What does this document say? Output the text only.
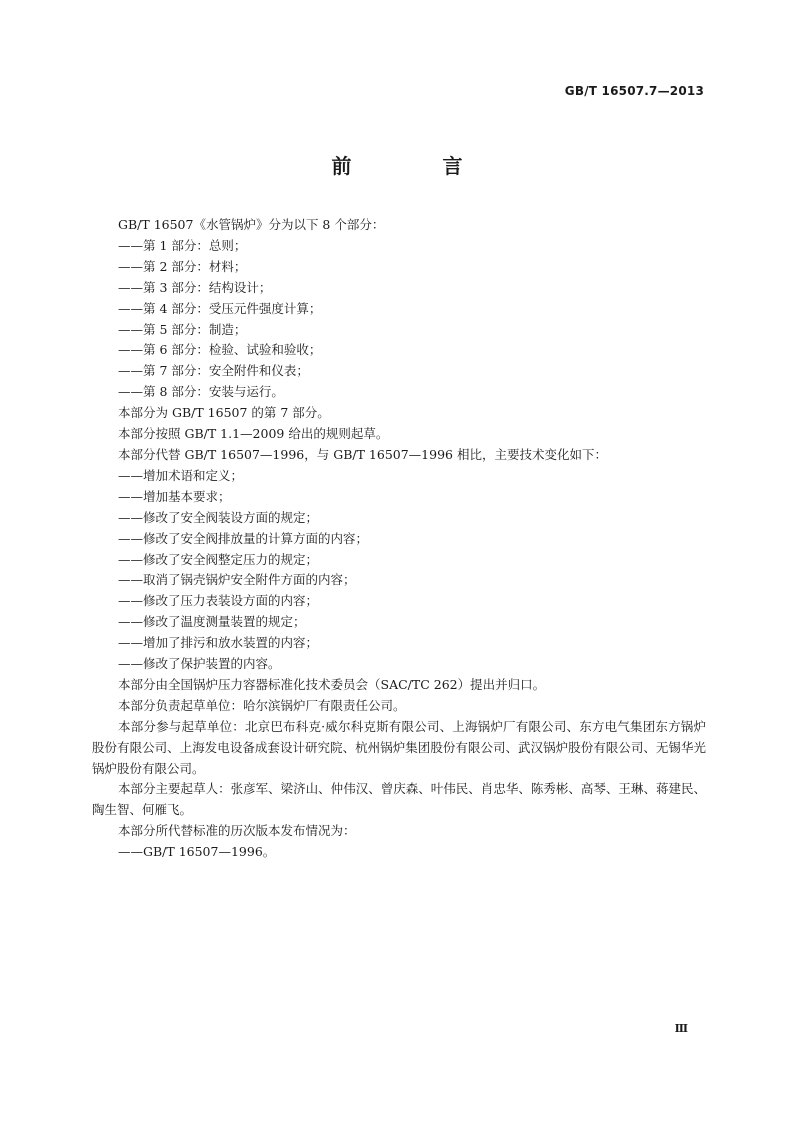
GB/T 16507.7—2013
前 言

GB/T 16507《水管锅炉》分为以下 8 个部分：

——第 1 部分：总则；

——第 2 部分：材料；

——第 3 部分：结构设计；

——第 4 部分：受压元件强度计算；

——第 5 部分：制造；

——第 6 部分：检验、试验和验收；

——第 7 部分：安全附件和仪表；

——第 8 部分：安装与运行。

本部分为 GB/T 16507 的第 7 部分。

本部分按照 GB/T 1.1—2009 给出的规则起草。

本部分代替 GB/T 16507—1996，与 GB/T 16507—1996 相比，主要技术变化如下：

——增加术语和定义；

——增加基本要求；

——修改了安全阀装设方面的规定；

——修改了安全阀排放量的计算方面的内容；

——修改了安全阀整定压力的规定；

——取消了锅壳锅炉安全附件方面的内容；

——修改了压力表装设方面的内容；

——修改了温度测量装置的规定；

——增加了排污和放水装置的内容；

——修改了保护装置的内容。

本部分由全国锅炉压力容器标准化技术委员会（SAC/TC 262）提出并归口。

本部分负责起草单位：哈尔滨锅炉厂有限责任公司。

本部分参与起草单位：北京巴布科克·威尔科克斯有限公司、上海锅炉厂有限公司、东方电气集团东方锅炉股份有限公司、上海发电设备成套设计研究院、杭州锅炉集团股份有限公司、武汉锅炉股份有限公司、无锡华光锅炉股份有限公司。

本部分主要起草人：张彦军、梁济山、仲伟汉、曾庆森、叶伟民、肖忠华、陈秀彬、高琴、王琳、蒋建民、陶生智、何雁飞。

本部分所代替标准的历次版本发布情况为：

——GB/T 16507—1996。

Ⅲ
